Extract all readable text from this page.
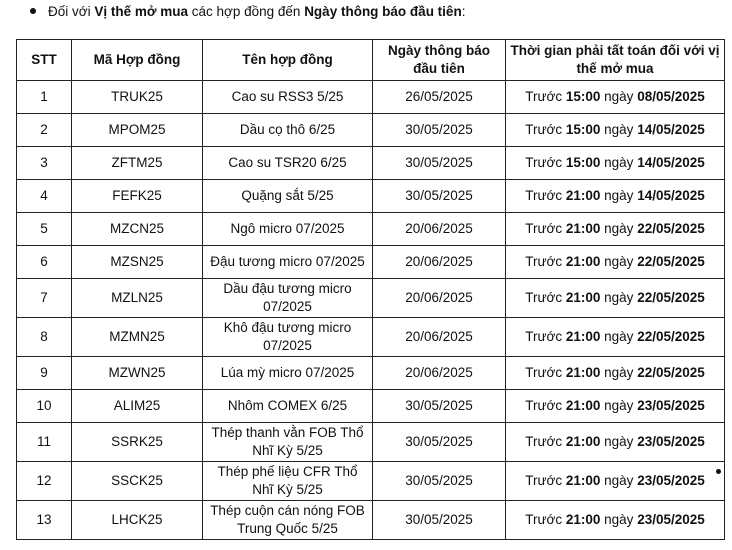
Đối với Vị thế mở mua các hợp đồng đến Ngày thông báo đầu tiên:
STT	Mã Hợp đồng	Tên hợp đồng	Ngày thông báo đầu tiên	Thời gian phải tất toán đối với vị thế mở mua
1	TRUK25	Cao su RSS3 5/25	26/05/2025	Trước 15:00 ngày 08/05/2025
2	MPOM25	Dầu cọ thô 6/25	30/05/2025	Trước 15:00 ngày 14/05/2025
3	ZFTM25	Cao su TSR20 6/25	30/05/2025	Trước 15:00 ngày 14/05/2025
4	FEFK25	Quặng sắt 5/25	30/05/2025	Trước 21:00 ngày 14/05/2025
5	MZCN25	Ngô micro 07/2025	20/06/2025	Trước 21:00 ngày 22/05/2025
6	MZSN25	Đậu tương micro 07/2025	20/06/2025	Trước 21:00 ngày 22/05/2025
7	MZLN25	Dầu đậu tương micro 07/2025	20/06/2025	Trước 21:00 ngày 22/05/2025
8	MZMN25	Khô đậu tương micro 07/2025	20/06/2025	Trước 21:00 ngày 22/05/2025
9	MZWN25	Lúa mỳ micro 07/2025	20/06/2025	Trước 21:00 ngày 22/05/2025
10	ALIM25	Nhôm COMEX 6/25	30/05/2025	Trước 21:00 ngày 23/05/2025
11	SSRK25	Thép thanh vằn FOB Thổ Nhĩ Kỳ 5/25	30/05/2025	Trước 21:00 ngày 23/05/2025
12	SSCK25	Thép phế liệu CFR Thổ Nhĩ Kỳ 5/25	30/05/2025	Trước 21:00 ngày 23/05/2025
13	LHCK25	Thép cuộn cán nóng FOB Trung Quốc 5/25	30/05/2025	Trước 21:00 ngày 23/05/2025
